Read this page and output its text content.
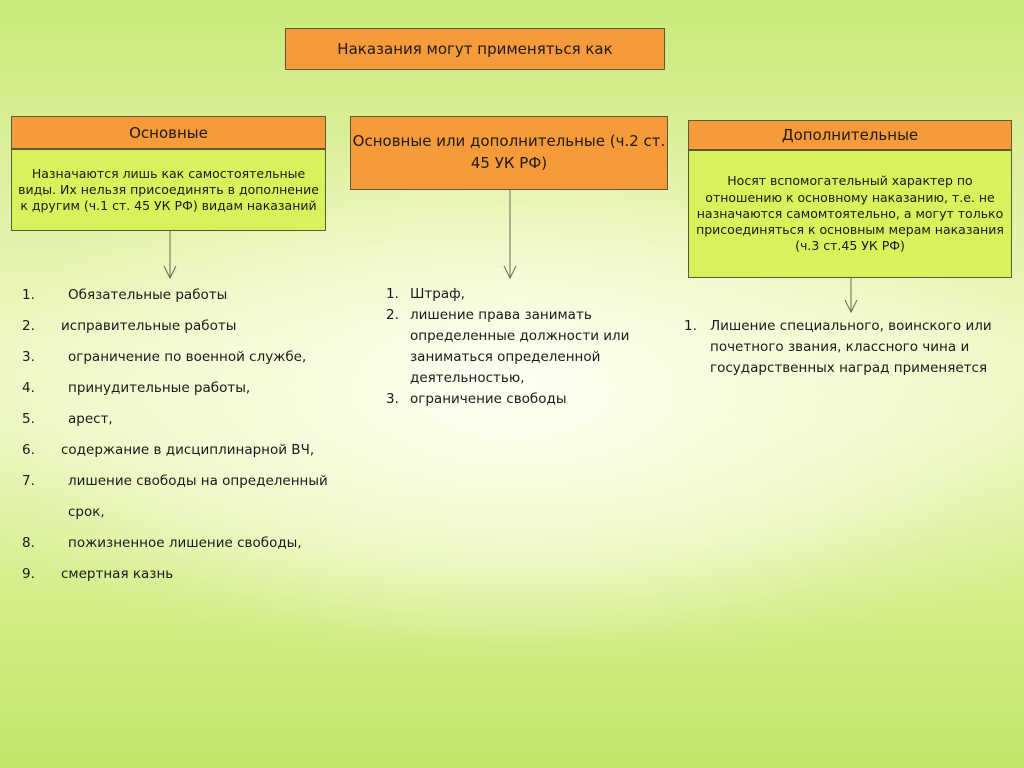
Наказания могут применяться как
Основные
Назначаются лишь как самостоятельные виды. Их нельзя присоединять в дополнение к другим (ч.1 ст. 45 УК РФ) видам наказаний
Основные или дополнительные (ч.2 ст. 45 УК РФ)
Дополнительные
Носят вспомогательный характер по отношению к основному наказанию, т.е. не назначаются самомтоятельно, а могут только присоединяться к основным мерам наказания (ч.3 ст.45 УК РФ)
1. Обязательные работы
2. исправительные работы
3. ограничение по военной службе,
4. принудительные работы,
5. арест,
6. содержание в дисциплинарной ВЧ,
7. лишение свободы на определенный срок,
8. пожизненное лишение свободы,
9. смертная казнь
1. Штраф,
2. лишение права занимать определенные должности или заниматься определенной деятельностью,
3. ограничение свободы
1. Лишение специального, воинского или почетного звания, классного чина и государственных наград применяется
